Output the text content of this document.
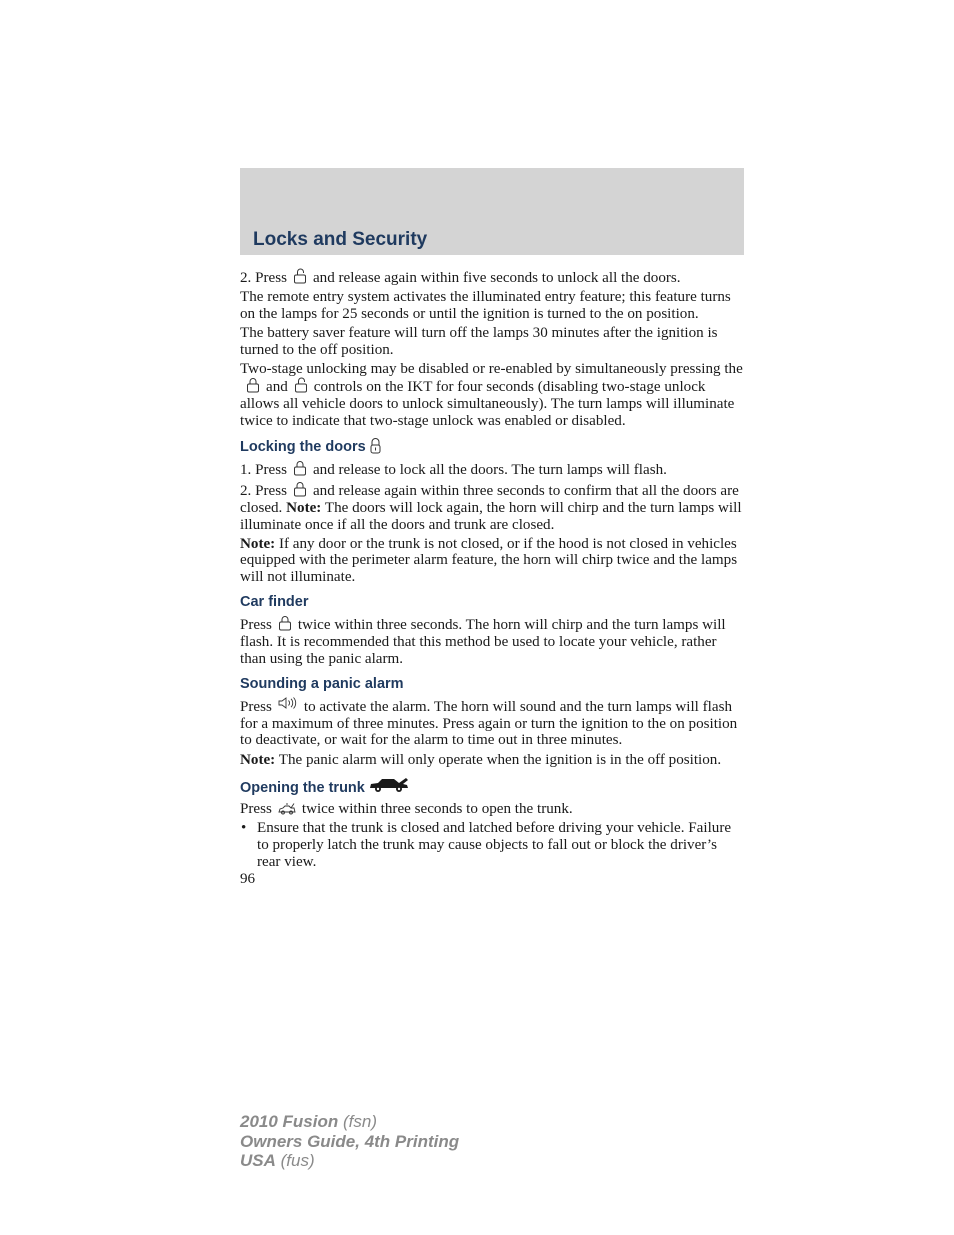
Locks and Security

2. Press and release again within five seconds to unlock all the doors.

The remote entry system activates the illuminated entry feature; this feature turns on the lamps for 25 seconds or until the ignition is turned to the on position.

The battery saver feature will turn off the lamps 30 minutes after the ignition is turned to the off position.

Two-stage unlocking may be disabled or re-enabled by simultaneously pressing the
and controls on the IKT for four seconds (disabling two-stage unlock allows all vehicle doors to unlock simultaneously). The turn lamps will illuminate twice to indicate that two-stage unlock was enabled or disabled.

Locking the doors

1. Press and release to lock all the doors. The turn lamps will flash.

2. Press and release again within three seconds to confirm that all the doors are closed. Note: The doors will lock again, the horn will chirp and the turn lamps will illuminate once if all the doors and trunk are closed.

Note: If any door or the trunk is not closed, or if the hood is not closed in vehicles equipped with the perimeter alarm feature, the horn will chirp twice and the lamps will not illuminate.

Car finder

Press twice within three seconds. The horn will chirp and the turn lamps will flash. It is recommended that this method be used to locate your vehicle, rather than using the panic alarm.

Sounding a panic alarm

Press to activate the alarm. The horn will sound and the turn lamps will flash for a maximum of three minutes. Press again or turn the ignition to the on position to deactivate, or wait for the alarm to time out in three minutes.

Note: The panic alarm will only operate when the ignition is in the off position.

Opening the trunk

Press twice within three seconds to open the trunk.

• Ensure that the trunk is closed and latched before driving your vehicle. Failure to properly latch the trunk may cause objects to fall out or block the driver’s rear view.
96
2010 Fusion (fsn)
Owners Guide, 4th Printing
USA (fus)
